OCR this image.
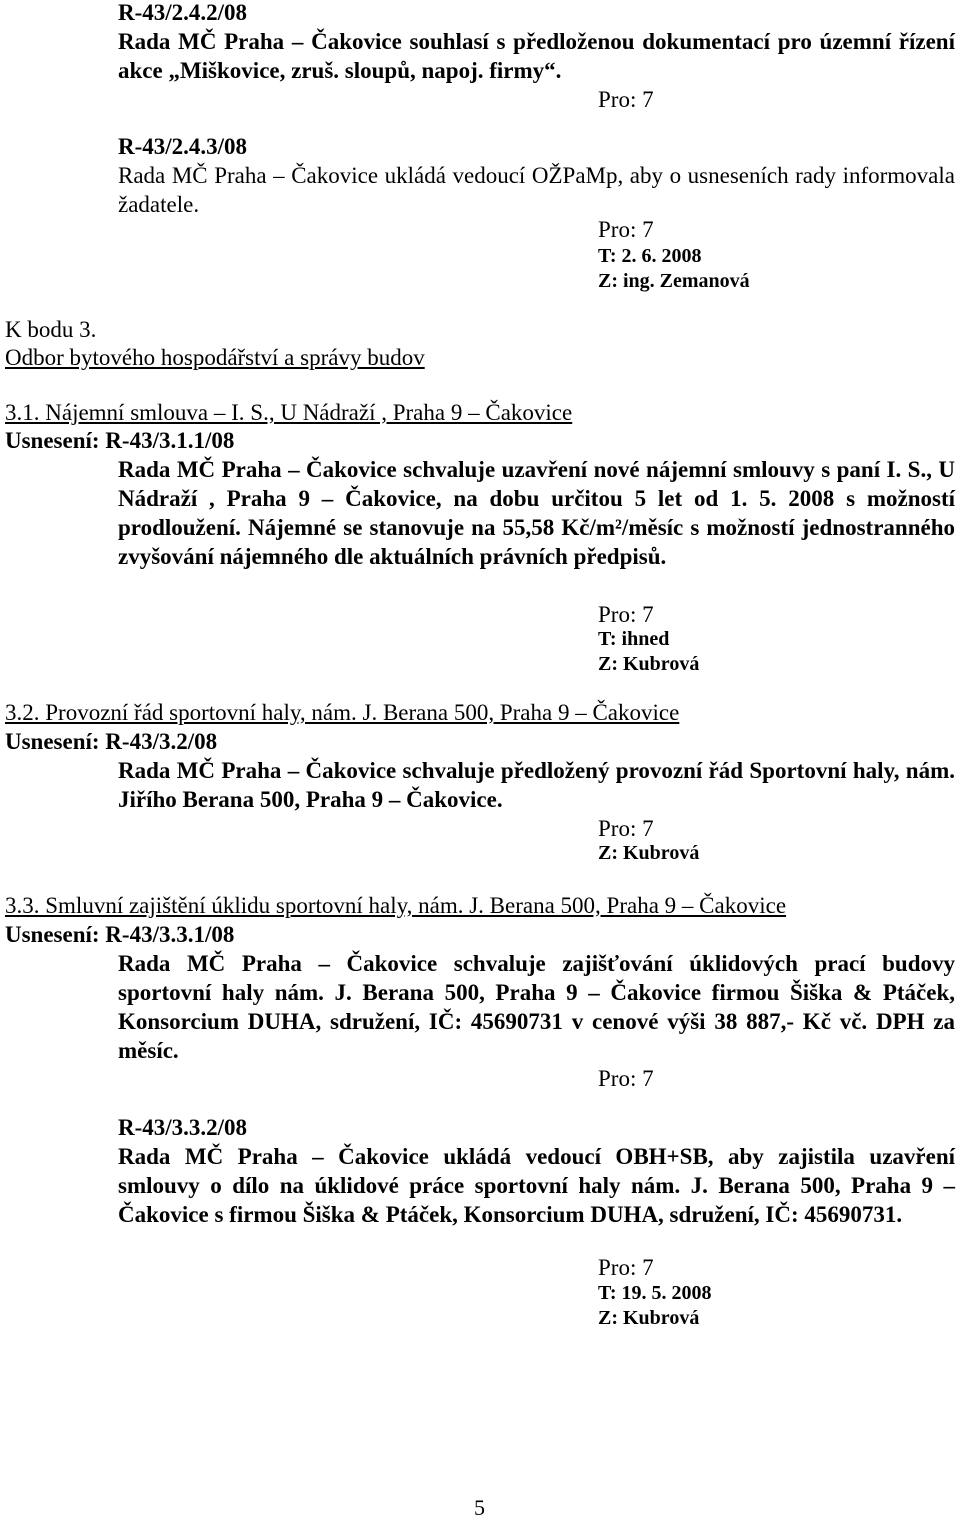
R-43/2.4.2/08
Rada MČ Praha – Čakovice souhlasí s předloženou dokumentací pro územní řízení akce „Miškovice, zruš. sloupů, napoj. firmy“.
Pro: 7
R-43/2.4.3/08
Rada MČ Praha – Čakovice ukládá vedoucí OŽPaMp, aby o usneseních rady informovala žadatele.
Pro: 7
T: 2. 6. 2008
Z: ing. Zemanová
K bodu 3.
Odbor bytového hospodářství a správy budov
3.1. Nájemní smlouva – I. S., U Nádraží , Praha 9 – Čakovice
Usnesení: R-43/3.1.1/08
Rada MČ Praha – Čakovice schvaluje uzavření nové nájemní smlouvy s paní I. S., U Nádraží , Praha 9 – Čakovice, na dobu určitou 5 let od 1. 5. 2008 s možností prodloužení. Nájemné se stanovuje na 55,58 Kč/m²/měsíc s možností jednostranného zvyšování nájemného dle aktuálních právních předpisů.
Pro: 7
T: ihned
Z: Kubrová
3.2. Provozní řád sportovní haly, nám. J. Berana 500, Praha 9 – Čakovice
Usnesení: R-43/3.2/08
Rada MČ Praha – Čakovice schvaluje předložený provozní řád Sportovní haly, nám. Jiřího Berana 500, Praha 9 – Čakovice.
Pro: 7
Z: Kubrová
3.3. Smluvní zajištění úklidu sportovní haly, nám. J. Berana 500, Praha 9 – Čakovice
Usnesení: R-43/3.3.1/08
Rada MČ Praha – Čakovice schvaluje zajišťování úklidových prací budovy sportovní haly nám. J. Berana 500, Praha 9 – Čakovice firmou Šiška & Ptáček, Konsorcium DUHA, sdružení, IČ: 45690731 v cenové výši 38 887,- Kč vč. DPH za měsíc.
Pro: 7
R-43/3.3.2/08
Rada MČ Praha – Čakovice ukládá vedoucí OBH+SB, aby zajistila uzavření smlouvy o dílo na úklidové práce sportovní haly nám. J. Berana 500, Praha 9 – Čakovice s firmou Šiška & Ptáček, Konsorcium DUHA, sdružení, IČ: 45690731.
Pro: 7
T: 19. 5. 2008
Z: Kubrová
5
